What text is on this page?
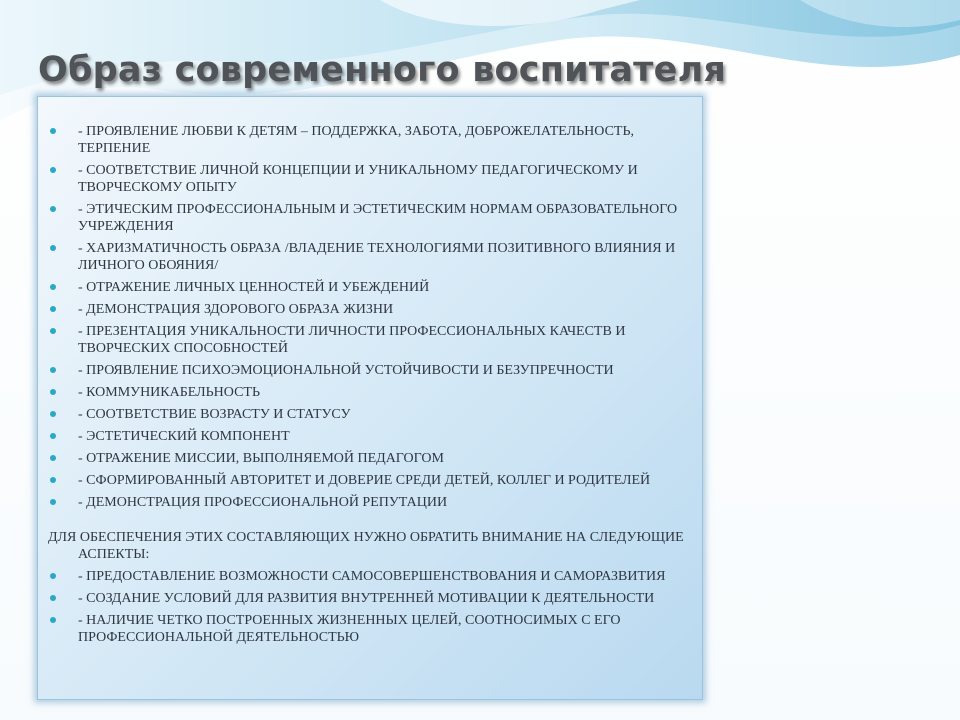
Образ современного воспитателя
- ПРОЯВЛЕНИЕ ЛЮБВИ К ДЕТЯМ – ПОДДЕРЖКА, ЗАБОТА, ДОБРОЖЕЛАТЕЛЬНОСТЬ, ТЕРПЕНИЕ
- СООТВЕТСТВИЕ ЛИЧНОЙ КОНЦЕПЦИИ И УНИКАЛЬНОМУ ПЕДАГОГИЧЕСКОМУ И ТВОРЧЕСКОМУ ОПЫТУ
- ЭТИЧЕСКИМ ПРОФЕССИОНАЛЬНЫМ И ЭСТЕТИЧЕСКИМ НОРМАМ ОБРАЗОВАТЕЛЬНОГО УЧРЕЖДЕНИЯ
- ХАРИЗМАТИЧНОСТЬ ОБРАЗА /ВЛАДЕНИЕ ТЕХНОЛОГИЯМИ ПОЗИТИВНОГО ВЛИЯНИЯ И ЛИЧНОГО ОБОЯНИЯ/
- ОТРАЖЕНИЕ ЛИЧНЫХ ЦЕННОСТЕЙ И УБЕЖДЕНИЙ
- ДЕМОНСТРАЦИЯ ЗДОРОВОГО ОБРАЗА ЖИЗНИ
- ПРЕЗЕНТАЦИЯ УНИКАЛЬНОСТИ ЛИЧНОСТИ ПРОФЕССИОНАЛЬНЫХ КАЧЕСТВ И ТВОРЧЕСКИХ СПОСОБНОСТЕЙ
- ПРОЯВЛЕНИЕ ПСИХОЭМОЦИОНАЛЬНОЙ УСТОЙЧИВОСТИ И БЕЗУПРЕЧНОСТИ
- КОММУНИКАБЕЛЬНОСТЬ
- СООТВЕТСТВИЕ ВОЗРАСТУ И СТАТУСУ
- ЭСТЕТИЧЕСКИЙ КОМПОНЕНТ
- ОТРАЖЕНИЕ МИССИИ, ВЫПОЛНЯЕМОЙ ПЕДАГОГОМ
- СФОРМИРОВАННЫЙ АВТОРИТЕТ И ДОВЕРИЕ СРЕДИ ДЕТЕЙ, КОЛЛЕГ И РОДИТЕЛЕЙ
- ДЕМОНСТРАЦИЯ ПРОФЕССИОНАЛЬНОЙ РЕПУТАЦИИ
ДЛЯ ОБЕСПЕЧЕНИЯ ЭТИХ СОСТАВЛЯЮЩИХ НУЖНО ОБРАТИТЬ ВНИМАНИЕ НА СЛЕДУЮЩИЕ
АСПЕКТЫ:
- ПРЕДОСТАВЛЕНИЕ ВОЗМОЖНОСТИ САМОСОВЕРШЕНСТВОВАНИЯ И САМОРАЗВИТИЯ
- СОЗДАНИЕ УСЛОВИЙ ДЛЯ РАЗВИТИЯ ВНУТРЕННЕЙ МОТИВАЦИИ К ДЕЯТЕЛЬНОСТИ
- НАЛИЧИЕ ЧЕТКО ПОСТРОЕННЫХ ЖИЗНЕННЫХ ЦЕЛЕЙ, СООТНОСИМЫХ С ЕГО ПРОФЕССИОНАЛЬНОЙ ДЕЯТЕЛЬНОСТЬЮ
